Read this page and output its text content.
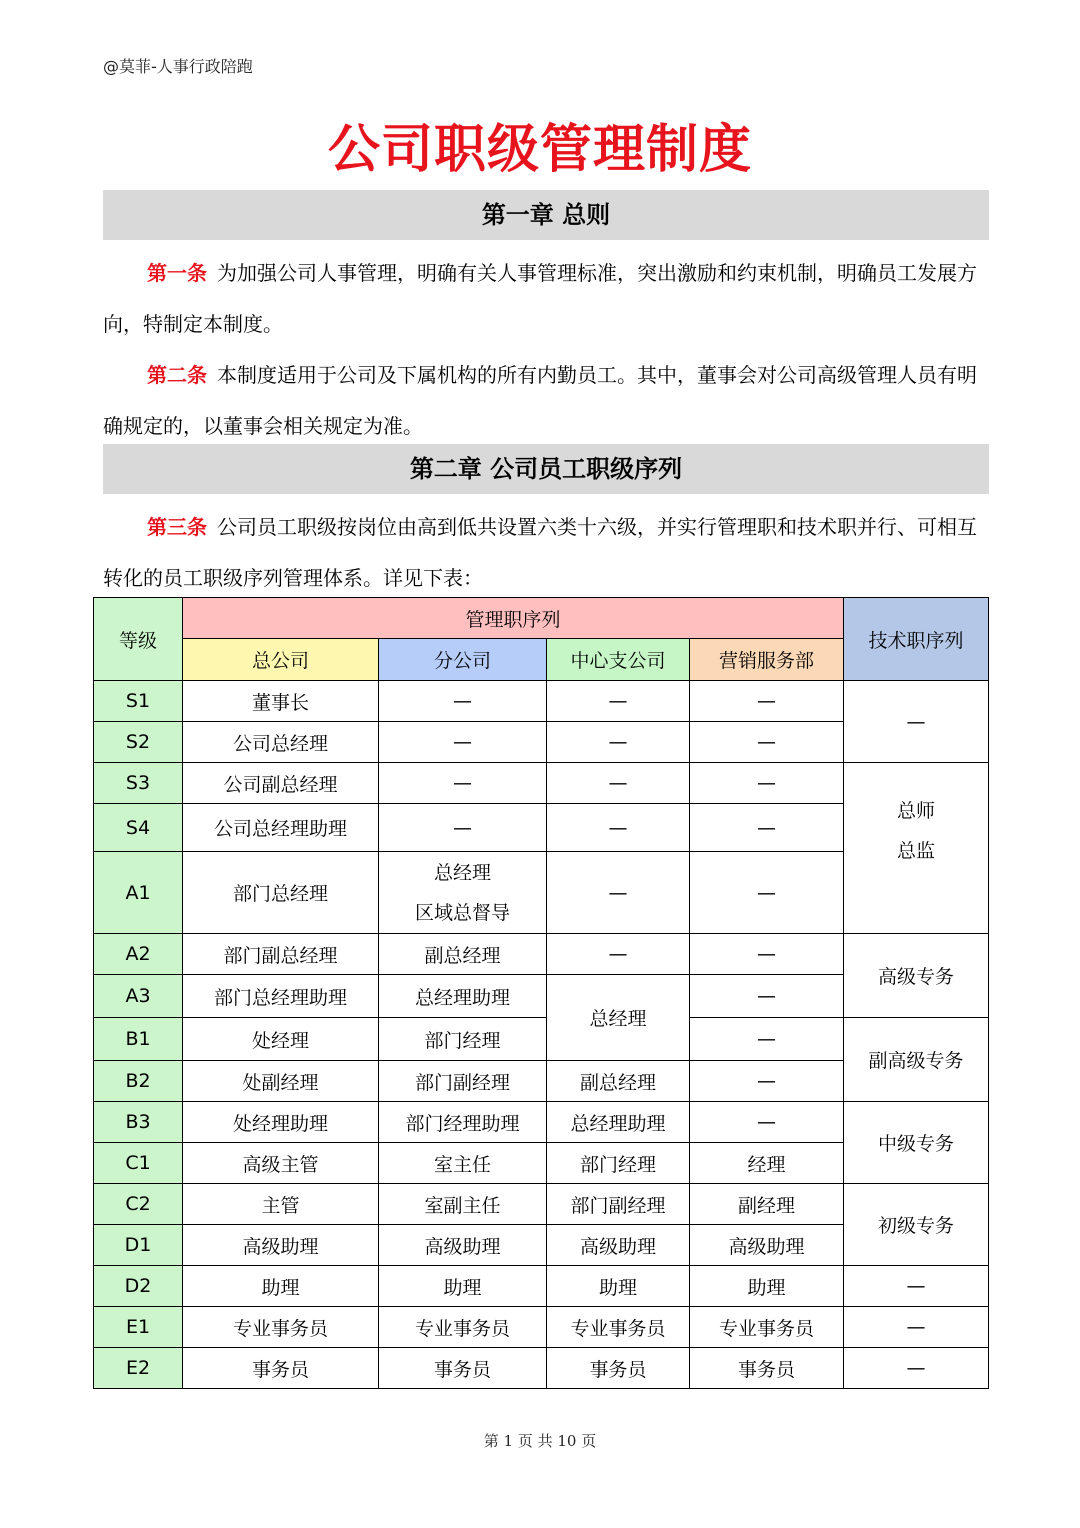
@莫菲-人事行政陪跑
公司职级管理制度
第一章 总则

第一条 为加强公司人事管理，明确有关人事管理标准，突出激励和约束机制，明确员工发展方向，特制定本制度。

第二条 本制度适用于公司及下属机构的所有内勤员工。其中，董事会对公司高级管理人员有明确规定的，以董事会相关规定为准。

第二章 公司员工职级序列

第三条 公司员工职级按岗位由高到低共设置六类十六级，并实行管理职和技术职并行、可相互转化的员工职级序列管理体系。详见下表：

等级	管理职序列				技术职序列
	总公司	分公司	中心支公司	营销服务部	
S1	董事长	—	—	—	—
S2	公司总经理	—	—	—	
S3	公司副总经理	—	—	—	总师
总监

S4	公司总经理助理	—	—	—	
A1	部门总经理	总经理
区域总督导	—	—	
A2	部门副总经理	副总经理	—	—	高级专务
A3	部门总经理助理	总经理助理	总经理	—	
B1	处经理	部门经理		—	副高级专务
B2	处副经理	部门副经理	副总经理	—	
B3	处经理助理	部门经理助理	总经理助理	—	中级专务
C1	高级主管	室主任	部门经理	经理	
C2	主管	室副主任	部门副经理	副经理	初级专务
D1	高级助理	高级助理	高级助理	高级助理	
D2	助理	助理	助理	助理	—
E1	专业事务员	专业事务员	专业事务员	专业事务员	—
E2	事务员	事务员	事务员	事务员	—
第 1 页 共 10 页
